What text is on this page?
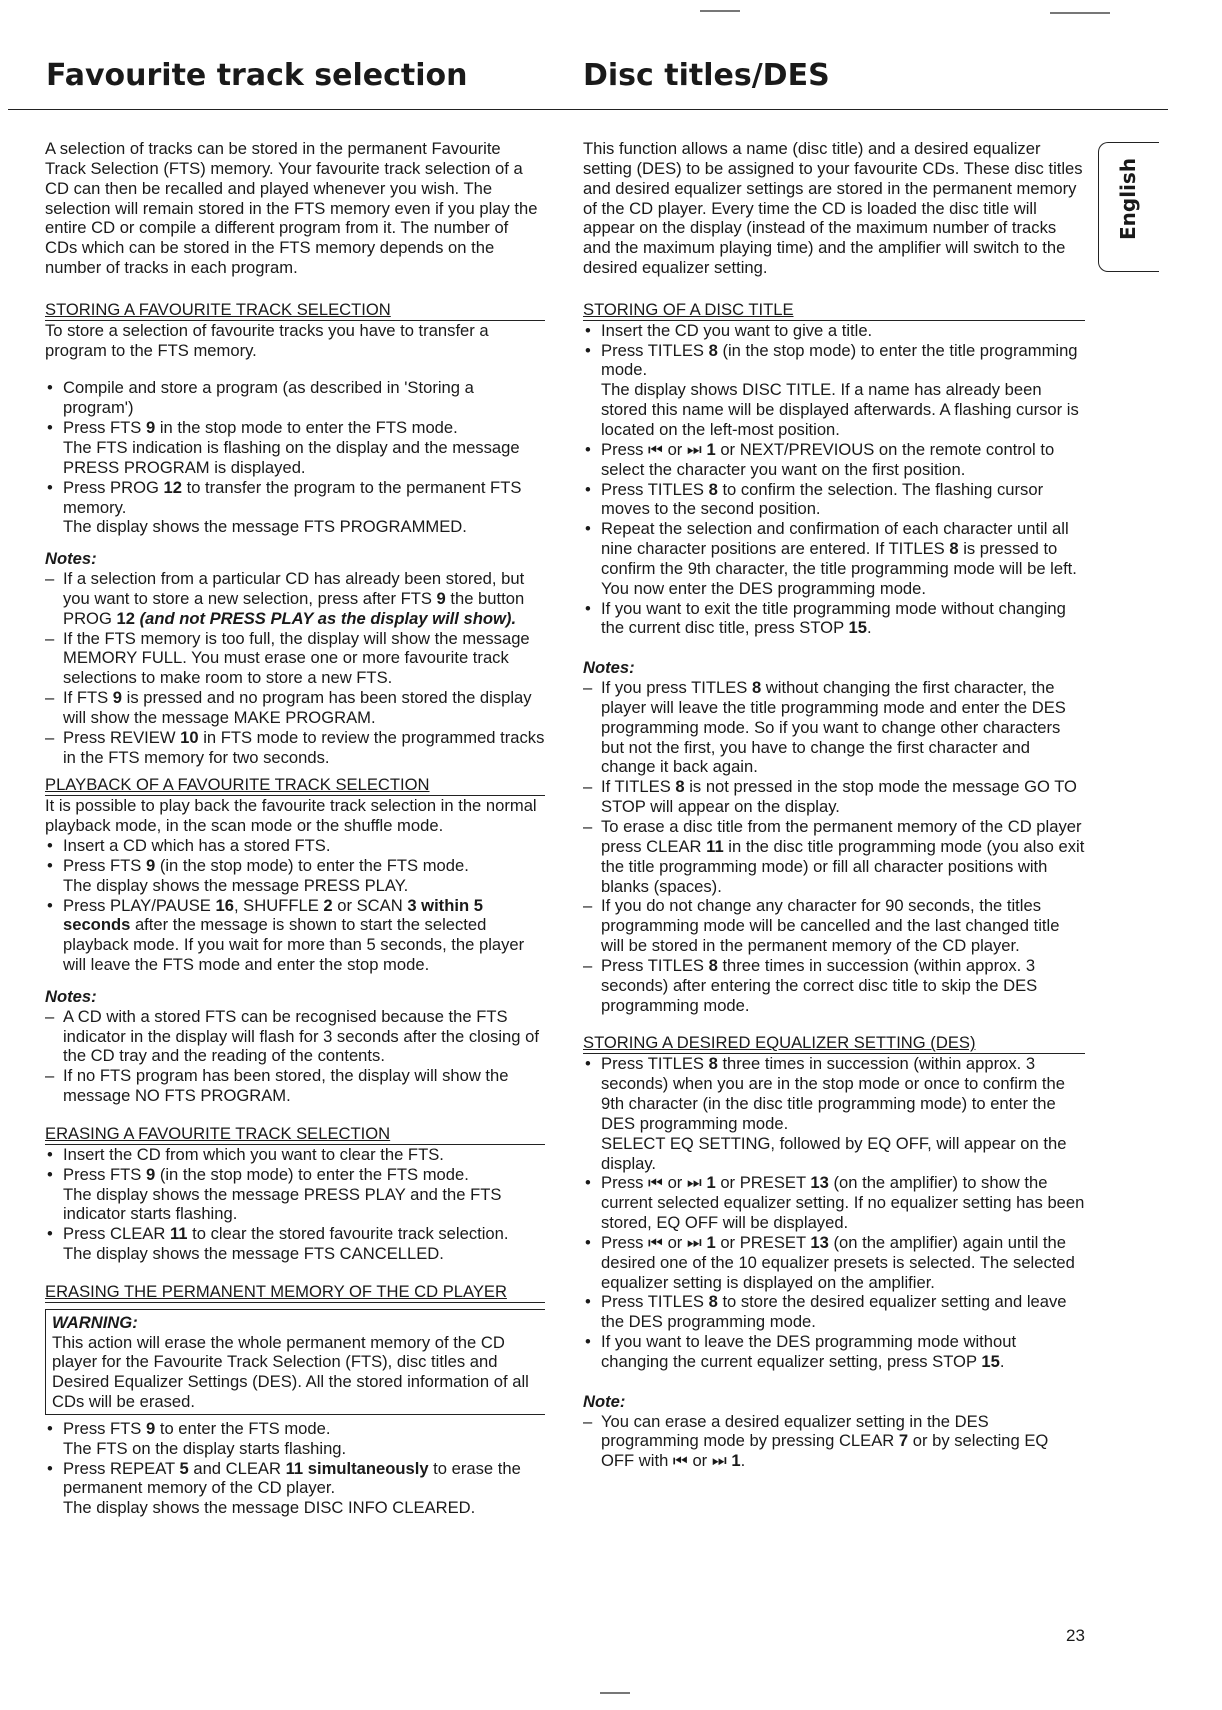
Favourite track selection	Disc titles/DES
English

A selection of tracks can be stored in the permanent Favourite Track Selection (FTS) memory. Your favourite track selection of a CD can then be recalled and played whenever you wish. The selection will remain stored in the FTS memory even if you play the entire CD or compile a different program from it. The number of CDs which can be stored in the FTS memory depends on the number of tracks in each program.

STORING A FAVOURITE TRACK SELECTION

To store a selection of favourite tracks you have to transfer a program to the FTS memory.

• Compile and store a program (as described in 'Storing a program')
• Press FTS 9 in the stop mode to enter the FTS mode.
The FTS indication is flashing on the display and the message PRESS PROGRAM is displayed.
• Press PROG 12 to transfer the program to the permanent FTS memory.
The display shows the message FTS PROGRAMMED.
Notes:
– If a selection from a particular CD has already been stored, but you want to store a new selection, press after FTS 9 the button PROG 12 (and not PRESS PLAY as the display will show).
– If the FTS memory is too full, the display will show the message MEMORY FULL. You must erase one or more favourite track selections to make room to store a new FTS.
– If FTS 9 is pressed and no program has been stored the display will show the message MAKE PROGRAM.
– Press REVIEW 10 in FTS mode to review the programmed tracks in the FTS memory for two seconds.
PLAYBACK OF A FAVOURITE TRACK SELECTION

It is possible to play back the favourite track selection in the normal playback mode, in the scan mode or the shuffle mode.

• Insert a CD which has a stored FTS.
• Press FTS 9 (in the stop mode) to enter the FTS mode.
The display shows the message PRESS PLAY.
• Press PLAY/PAUSE 16, SHUFFLE 2 or SCAN 3 within 5 seconds after the message is shown to start the selected playback mode. If you wait for more than 5 seconds, the player will leave the FTS mode and enter the stop mode.
Notes:
– A CD with a stored FTS can be recognised because the FTS indicator in the display will flash for 3 seconds after the closing of the CD tray and the reading of the contents.
– If no FTS program has been stored, the display will show the message NO FTS PROGRAM.
ERASING A FAVOURITE TRACK SELECTION
• Insert the CD from which you want to clear the FTS.
• Press FTS 9 (in the stop mode) to enter the FTS mode.
The display shows the message PRESS PLAY and the FTS indicator starts flashing.
• Press CLEAR 11 to clear the stored favourite track selection.
The display shows the message FTS CANCELLED.
ERASING THE PERMANENT MEMORY OF THE CD PLAYER
WARNING:
This action will erase the whole permanent memory of the CD player for the Favourite Track Selection (FTS), disc titles and Desired Equalizer Settings (DES). All the stored information of all CDs will be erased.
• Press FTS 9 to enter the FTS mode.
The FTS on the display starts flashing.
• Press REPEAT 5 and CLEAR 11 simultaneously to erase the permanent memory of the CD player.
The display shows the message DISC INFO CLEARED.

This function allows a name (disc title) and a desired equalizer setting (DES) to be assigned to your favourite CDs. These disc titles and desired equalizer settings are stored in the permanent memory of the CD player. Every time the CD is loaded the disc title will appear on the display (instead of the maximum number of tracks and the maximum playing time) and the amplifier will switch to the desired equalizer setting.

STORING OF A DISC TITLE
• Insert the CD you want to give a title.
• Press TITLES 8 (in the stop mode) to enter the title programming mode.
The display shows DISC TITLE. If a name has already been stored this name will be displayed afterwards. A flashing cursor is located on the left-most position.
• Press ⏮ or ⏭ 1 or NEXT/PREVIOUS on the remote control to select the character you want on the first position.
• Press TITLES 8 to confirm the selection. The flashing cursor moves to the second position.
• Repeat the selection and confirmation of each character until all nine character positions are entered. If TITLES 8 is pressed to confirm the 9th character, the title programming mode will be left.
You now enter the DES programming mode.
• If you want to exit the title programming mode without changing the current disc title, press STOP 15.
Notes:
– If you press TITLES 8 without changing the first character, the player will leave the title programming mode and enter the DES programming mode. So if you want to change other characters but not the first, you have to change the first character and change it back again.
– If TITLES 8 is not pressed in the stop mode the message GO TO STOP will appear on the display.
– To erase a disc title from the permanent memory of the CD player press CLEAR 11 in the disc title programming mode (you also exit the title programming mode) or fill all character positions with blanks (spaces).
– If you do not change any character for 90 seconds, the titles programming mode will be cancelled and the last changed title will be stored in the permanent memory of the CD player.
– Press TITLES 8 three times in succession (within approx. 3 seconds) after entering the correct disc title to skip the DES programming mode.
STORING A DESIRED EQUALIZER SETTING (DES)
• Press TITLES 8 three times in succession (within approx. 3 seconds) when you are in the stop mode or once to confirm the 9th character (in the disc title programming mode) to enter the DES programming mode.
SELECT EQ SETTING, followed by EQ OFF, will appear on the display.
• Press ⏮ or ⏭ 1 or PRESET 13 (on the amplifier) to show the current selected equalizer setting. If no equalizer setting has been stored, EQ OFF will be displayed.
• Press ⏮ or ⏭ 1 or PRESET 13 (on the amplifier) again until the desired one of the 10 equalizer presets is selected. The selected equalizer setting is displayed on the amplifier.
• Press TITLES 8 to store the desired equalizer setting and leave the DES programming mode.
• If you want to leave the DES programming mode without changing the current equalizer setting, press STOP 15.
Note:
– You can erase a desired equalizer setting in the DES programming mode by pressing CLEAR 7 or by selecting EQ OFF with ⏮ or ⏭ 1.
23
